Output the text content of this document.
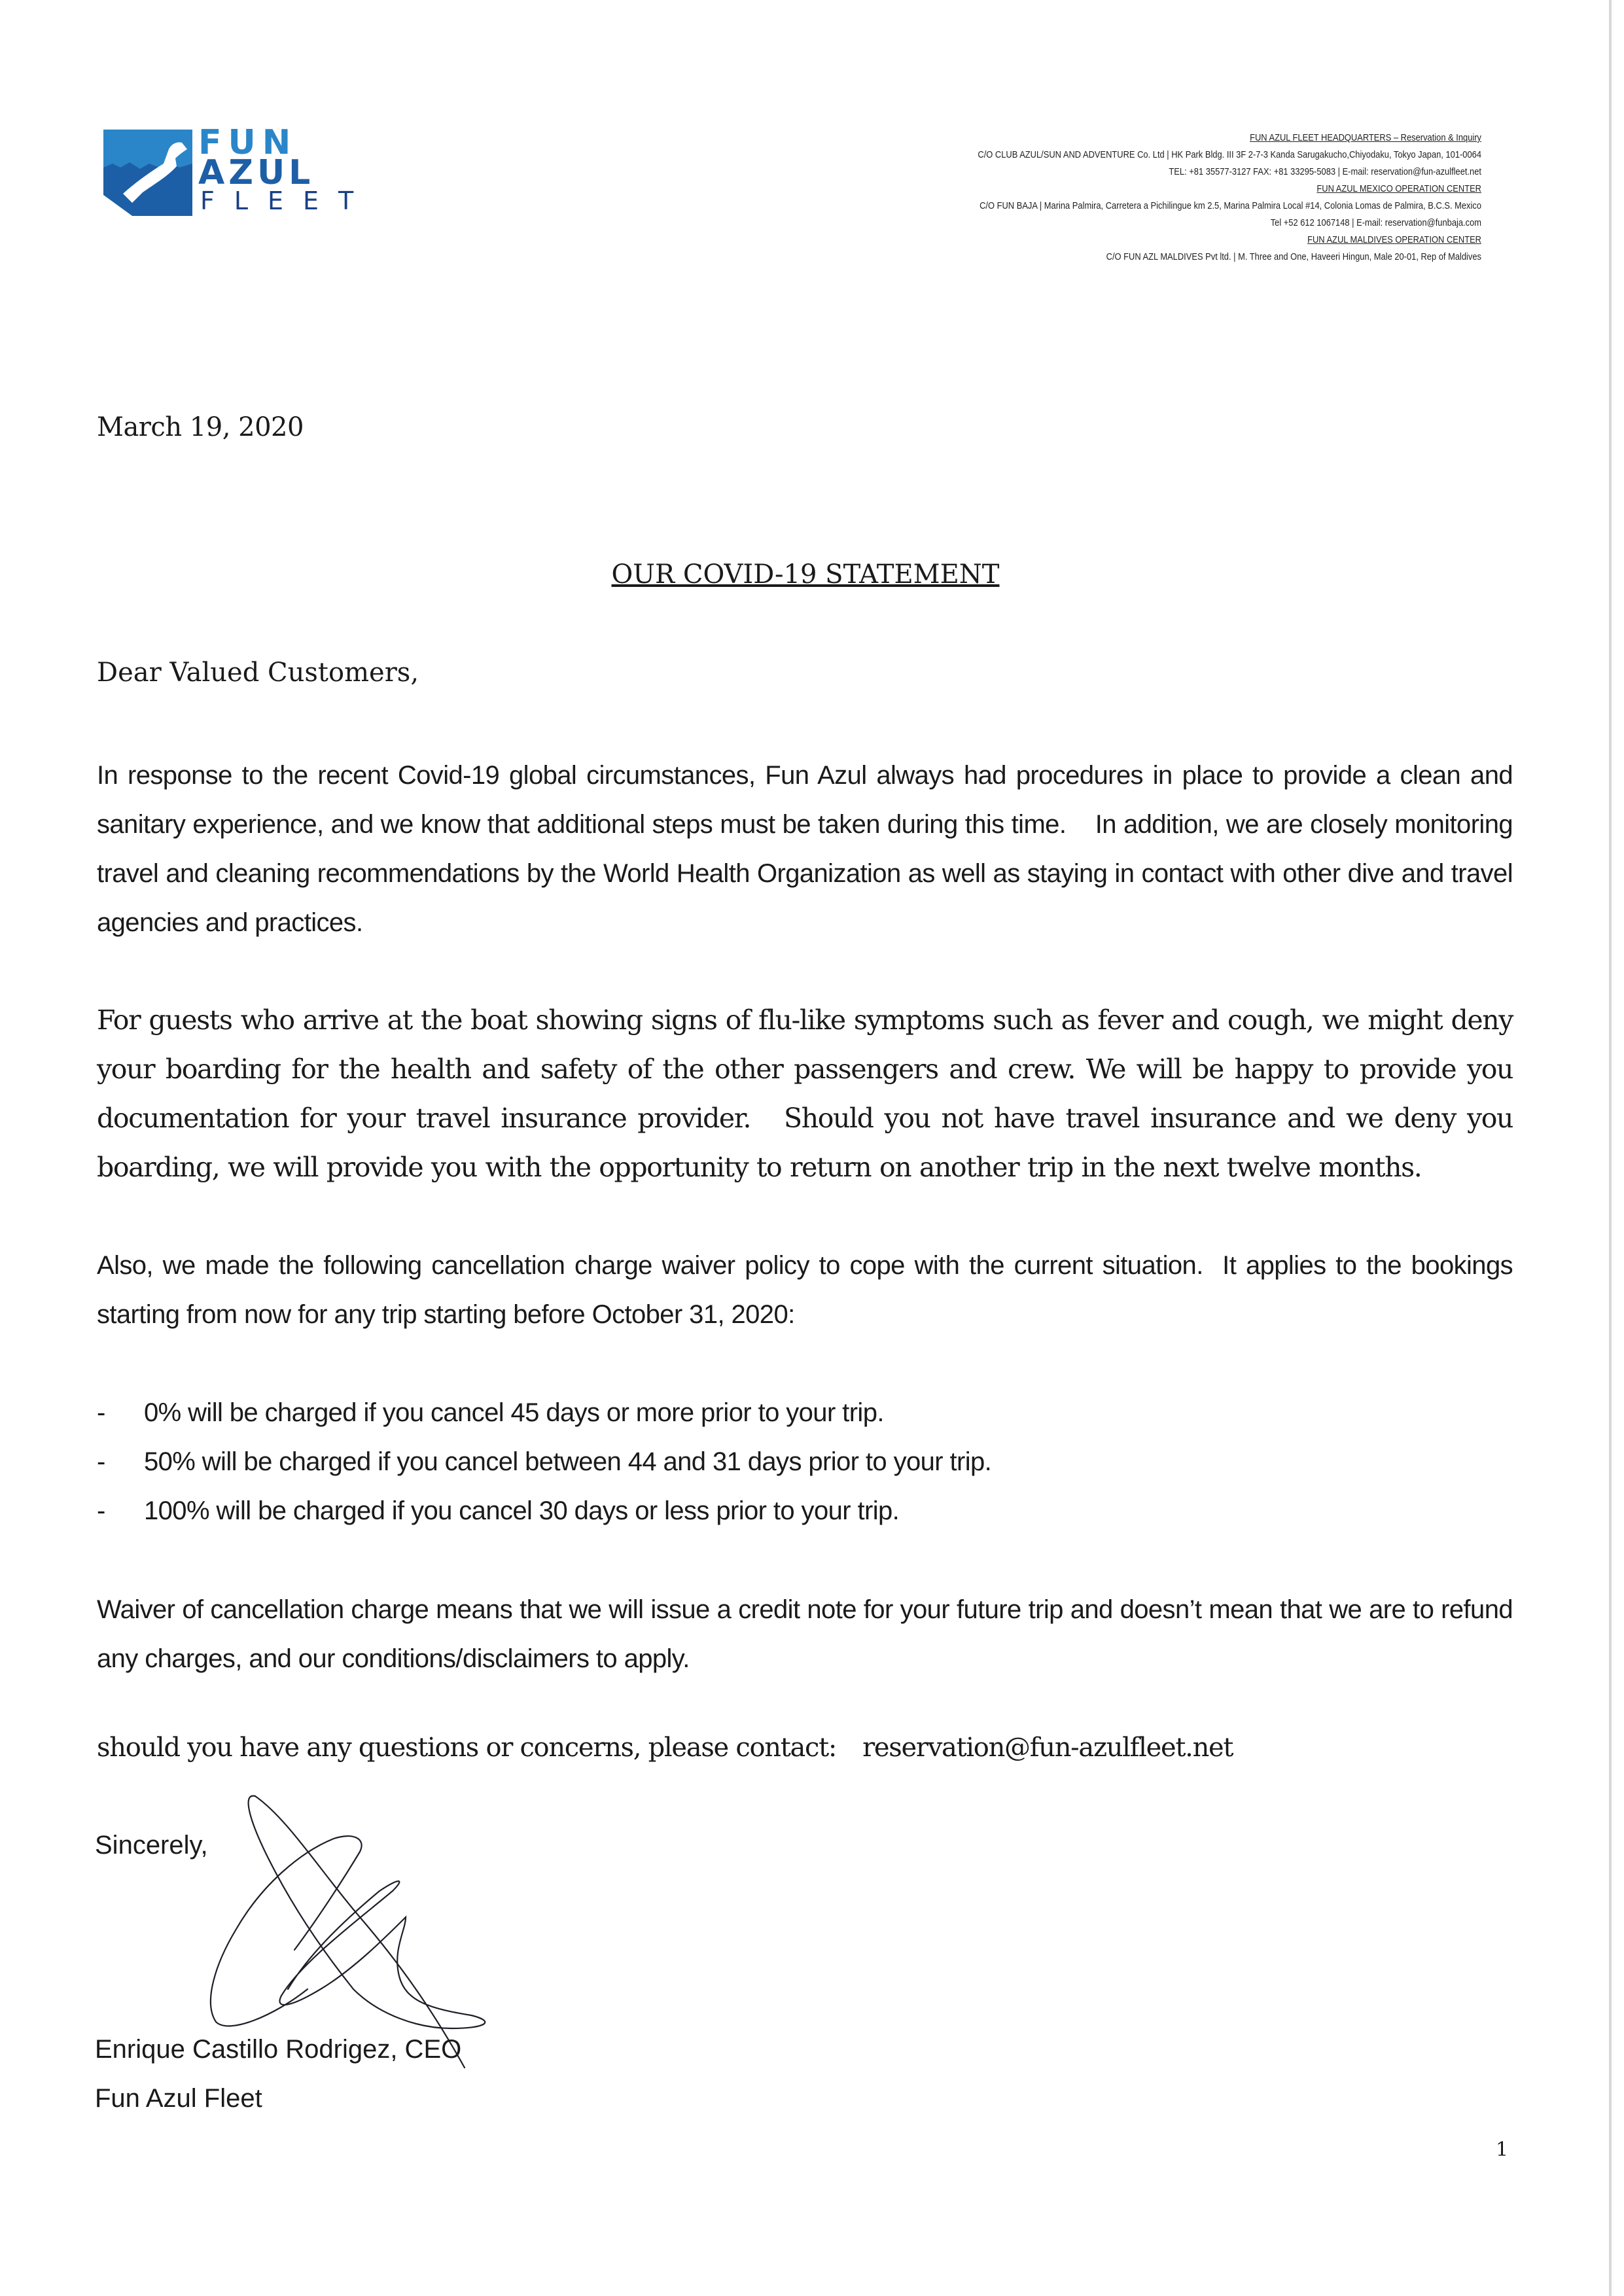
FUN
AZUL
FLEET
FUN AZUL FLEET HEADQUARTERS – Reservation & Inquiry
C/O CLUB AZUL/SUN AND ADVENTURE Co. Ltd | HK Park Bldg. III 3F 2-7-3 Kanda Sarugakucho,Chiyodaku, Tokyo Japan, 101-0064
TEL: +81 35577-3127 FAX: +81 33295-5083 | E-mail: reservation@fun-azulfleet.net
FUN AZUL MEXICO OPERATION CENTER
C/O FUN BAJA | Marina Palmira, Carretera a Pichilingue km 2.5, Marina Palmira Local #14, Colonia Lomas de Palmira, B.C.S. Mexico
Tel +52 612 1067148 | E-mail: reservation@funbaja.com
FUN AZUL MALDIVES OPERATION CENTER
C/O FUN AZL MALDIVES Pvt ltd. | M. Three and One, Haveeri Hingun, Male 20-01, Rep of Maldives
March 19, 2020
OUR COVID-19 STATEMENT
Dear Valued Customers,
In response to the recent Covid-19 global circumstances, Fun Azul always had procedures in place to provide a clean and sanitary experience, and we know that additional steps must be taken during this time.    In addition, we are closely monitoring travel and cleaning recommendations by the World Health Organization as well as staying in contact with other dive and travel agencies and practices.
For guests who arrive at the boat showing signs of flu-like symptoms such as fever and cough, we might deny your boarding for the health and safety of the other passengers and crew. We will be happy to provide you documentation for your travel insurance provider.   Should you not have travel insurance and we deny you boarding, we will provide you with the opportunity to return on another trip in the next twelve months.
Also, we made the following cancellation charge waiver policy to cope with the current situation.  It applies to the bookings starting from now for any trip starting before October 31, 2020:
- 0% will be charged if you cancel 45 days or more prior to your trip.
- 50% will be charged if you cancel between 44 and 31 days prior to your trip.
- 100% will be charged if you cancel 30 days or less prior to your trip.
Waiver of cancellation charge means that we will issue a credit note for your future trip and doesn’t mean that we are to refund any charges, and our conditions/disclaimers to apply.
should you have any questions or concerns, please contact: reservation@fun-azulfleet.net
Sincerely,
Enrique Castillo Rodrigez, CEO
Fun Azul Fleet
1
